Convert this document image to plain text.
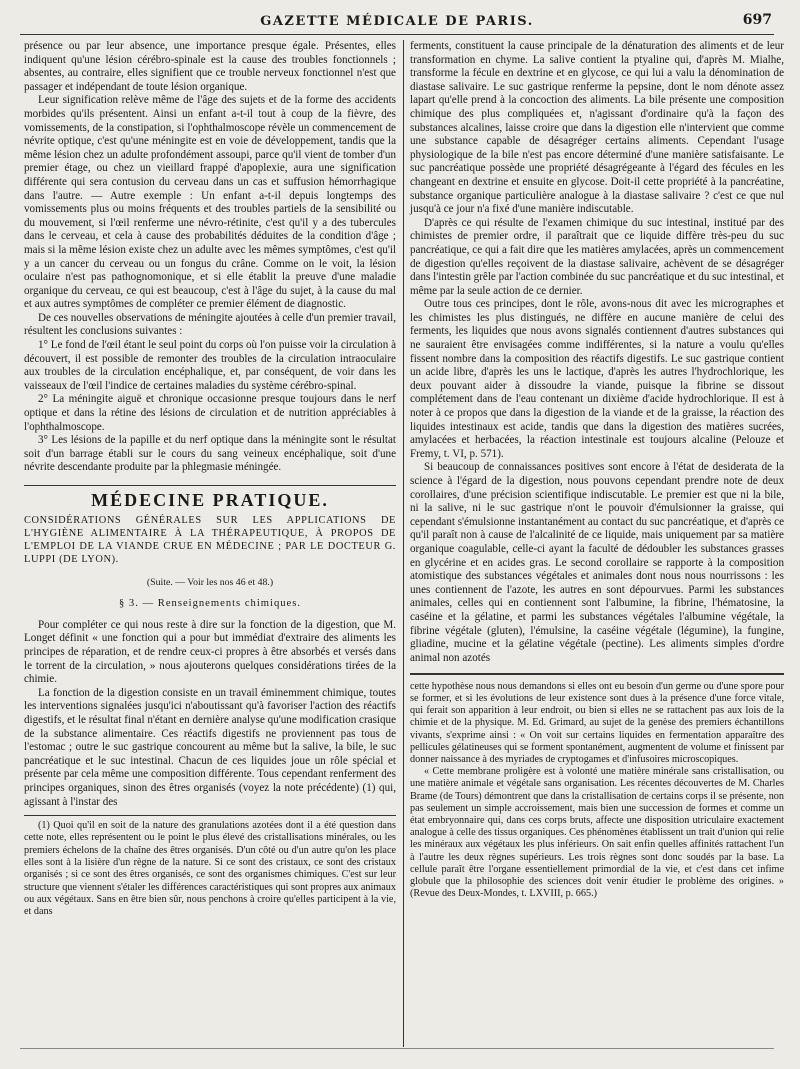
GAZETTE MÉDICALE DE PARIS.	697

présence ou par leur absence, une importance presque égale. Présentes, elles indiquent qu'une lésion cérébro-spinale est la cause des troubles fonctionnels ; absentes, au contraire, elles signifient que ce trouble nerveux fonctionnel n'est que passager et indépendant de toute lésion organique.

Leur signification relève même de l'âge des sujets et de la forme des accidents morbides qu'ils présentent. Ainsi un enfant a-t-il tout à coup de la fièvre, des vomissements, de la constipation, si l'ophthalmoscope révèle un commencement de névrite optique, c'est qu'une méningite est en voie de développement, tandis que la même lésion chez un adulte profondément assoupi, parce qu'il vient de tomber d'un premier étage, ou chez un vieillard frappé d'apoplexie, aura une signification différente qui sera contusion du cerveau dans un cas et suffusion hémorrhagique dans l'autre. — Autre exemple : Un enfant a-t-il depuis longtemps des vomissements plus ou moins fréquents et des troubles partiels de la sensibilité ou du mouvement, si l'œil renferme une névro-rétinite, c'est qu'il y a des tubercules dans le cerveau, et cela à cause des probabilités déduites de la condition d'âge ; mais si la même lésion existe chez un adulte avec les mêmes symptômes, c'est qu'il y a un cancer du cerveau ou un fongus du crâne. Comme on le voit, la lésion oculaire n'est pas pathognomonique, et si elle établit la preuve d'une maladie organique du cerveau, ce qui est beaucoup, c'est à l'âge du sujet, à la cause du mal et aux autres symptômes de compléter ce premier élément de diagnostic.

De ces nouvelles observations de méningite ajoutées à celle d'un premier travail, résultent les conclusions suivantes :

1° Le fond de l'œil étant le seul point du corps où l'on puisse voir la circulation à découvert, il est possible de remonter des troubles de la circulation intraoculaire aux troubles de la circulation encéphalique, et, par conséquent, de voir dans les vaisseaux de l'œil l'indice de certaines maladies du système cérébro-spinal.

2° La méningite aiguë et chronique occasionne presque toujours dans le nerf optique et dans la rétine des lésions de circulation et de nutrition appréciables à l'ophthalmoscope.

3° Les lésions de la papille et du nerf optique dans la méningite sont le résultat soit d'un barrage établi sur le cours du sang veineux encéphalique, soit d'une névrite descendante produite par la phlegmasie méningée.

MÉDECINE PRATIQUE.
CONSIDÉRATIONS GÉNÉRALES SUR LES APPLICATIONS DE L'HYGIÈNE ALIMENTAIRE À LA THÉRAPEUTIQUE, À PROPOS DE L'EMPLOI DE LA VIANDE CRUE EN MÉDECINE ; PAR LE DOCTEUR G. LUPPI (DE LYON).
(Suite. — Voir les nos 46 et 48.)
§ 3. — Renseignements chimiques.

Pour compléter ce qui nous reste à dire sur la fonction de la digestion, que M. Longet définit « une fonction qui a pour but immédiat d'extraire des aliments les principes de réparation, et de rendre ceux-ci propres à être absorbés et versés dans le torrent de la circulation, » nous ajouterons quelques considérations tirées de la chimie.

La fonction de la digestion consiste en un travail éminemment chimique, toutes les interventions signalées jusqu'ici n'aboutissant qu'à favoriser l'action des réactifs digestifs, et le résultat final n'étant en dernière analyse qu'une modification crasique de la substance alimentaire. Ces réactifs digestifs ne proviennent pas tous de l'estomac ; outre le suc gastrique concourent au même but la salive, la bile, le suc pancréatique et le suc intestinal. Chacun de ces liquides joue un rôle spécial et présente par cela même une composition différente. Tous cependant renferment des principes organiques, sinon des êtres organisés (voyez la note précédente) (1) qui, agissant à l'instar des

(1) Quoi qu'il en soit de la nature des granulations azotées dont il a été question dans cette note, elles représentent ou le point le plus élevé des cristallisations minérales, ou les premiers échelons de la chaîne des êtres organisés. D'un côté ou d'un autre qu'on les place elles sont à la lisière d'un règne de la nature. Si ce sont des cristaux, ce sont des cristaux organisés ; si ce sont des êtres organisés, ce sont des organismes chimiques. C'est sur leur structure que viennent s'étaler les différences caractéristiques qui sont propres aux animaux ou aux végétaux. Sans en être bien sûr, nous penchons à croire qu'elles participent à la vie, et dans

ferments, constituent la cause principale de la dénaturation des aliments et de leur transformation en chyme. La salive contient la ptyaline qui, d'après M. Mialhe, transforme la fécule en dextrine et en glycose, ce qui lui a valu la dénomination de diastase salivaire. Le suc gastrique renferme la pepsine, dont le nom dénote assez lapart qu'elle prend à la concoction des aliments. La bile présente une composition chimique des plus compliquées et, n'agissant d'ordinaire qu'à la façon des substances alcalines, laisse croire que dans la digestion elle n'intervient que comme une substance capable de désagréger certains aliments. Cependant l'usage physiologique de la bile n'est pas encore déterminé d'une manière satisfaisante. Le suc pancréatique possède une propriété désagrégeante à l'égard des fécules en les changeant en dextrine et ensuite en glycose. Doit-il cette propriété à la pancréatine, substance organique particulière analogue à la diastase salivaire ? c'est ce que nul jusqu'à ce jour n'a fixé d'une manière indiscutable.

D'après ce qui résulte de l'examen chimique du suc intestinal, institué par des chimistes de premier ordre, il paraîtrait que ce liquide diffère très-peu du suc pancréatique, ce qui a fait dire que les matières amylacées, après un commencement de digestion qu'elles reçoivent de la diastase salivaire, achèvent de se désagréger dans l'intestin grêle par l'action combinée du suc pancréatique et du suc intestinal, et même par la seule action de ce dernier.

Outre tous ces principes, dont le rôle, avons-nous dit avec les micrographes et les chimistes les plus distingués, ne diffère en aucune manière de celui des ferments, les liquides que nous avons signalés contiennent d'autres substances qui ne sauraient être envisagées comme indifférentes, si la nature a voulu qu'elles fissent nombre dans la composition des réactifs digestifs. Le suc gastrique contient un acide libre, d'après les uns le lactique, d'après les autres l'hydrochlorique, les deux pouvant aider à dissoudre la viande, puisque la fibrine se dissout complétement dans de l'eau contenant un dixième d'acide hydrochlorique. Il est à noter à ce propos que dans la digestion de la viande et de la graisse, la réaction des liquides intestinaux est acide, tandis que dans la digestion des matières sucrées, amylacées et herbacées, la réaction intestinale est toujours alcaline (Pelouze et Fremy, t. VI, p. 571).

Si beaucoup de connaissances positives sont encore à l'état de desiderata de la science à l'égard de la digestion, nous pouvons cependant prendre note de deux corollaires, d'une précision scientifique indiscutable. Le premier est que ni la bile, ni la salive, ni le suc gastrique n'ont le pouvoir d'émulsionner la graisse, qui cependant s'émulsionne instantanément au contact du suc pancréatique, et d'après ce qu'il paraît non à cause de l'alcalinité de ce liquide, mais uniquement par sa matière organique coagulable, celle-ci ayant la faculté de dédoubler les substances grasses en glycérine et en acides gras. Le second corollaire se rapporte à la composition atomistique des substances végétales et animales dont nous nous nourrissons : les unes contiennent de l'azote, les autres en sont dépourvues. Parmi les substances animales, celles qui en contiennent sont l'albumine, la fibrine, l'hématosine, la caséine et la gélatine, et parmi les substances végétales l'albumine végétale, la fibrine végétale (gluten), l'émulsine, la caséine végétale (légumine), la fungine, gliadine, mucine et la gélatine végétale (pectine). Les aliments simples d'ordre animal non azotés

cette hypothèse nous nous demandons si elles ont eu besoin d'un germe ou d'une spore pour se former, et si les évolutions de leur existence sont dues à la présence d'une force vitale, qui ferait son apparition à leur endroit, ou bien si elles ne se rattachent pas aux lois de la chimie et de la physique. M. Ed. Grimard, au sujet de la genèse des premiers échantillons vivants, s'exprime ainsi : « On voit sur certains liquides en fermentation apparaître des pellicules gélatineuses qui se forment spontanément, augmentent de volume et finissent par donner naissance à des myriades de cryptogames et d'infusoires microscopiques.

« Cette membrane proligère est à volonté une matière minérale sans cristallisation, ou une matière animale et végétale sans organisation. Les récentes découvertes de M. Charles Brame (de Tours) démontrent que dans la cristallisation de certains corps il se présente, non pas seulement un simple accroissement, mais bien une succession de formes et comme un état embryonnaire qui, dans ces corps bruts, affecte une disposition utriculaire exactement analogue à celle des tissus organiques. Ces phénomènes établissent un trait d'union qui relie les minéraux aux végétaux les plus inférieurs. On sait enfin quelles affinités rattachent l'un à l'autre les deux règnes supérieurs. Les trois règnes sont donc soudés par la base. La cellule paraît être l'organe essentiellement primordial de la vie, et c'est dans cet infime globule que la philosophie des sciences doit venir étudier le problème des origines. » (Revue des Deux-Mondes, t. LXVIII, p. 665.)
